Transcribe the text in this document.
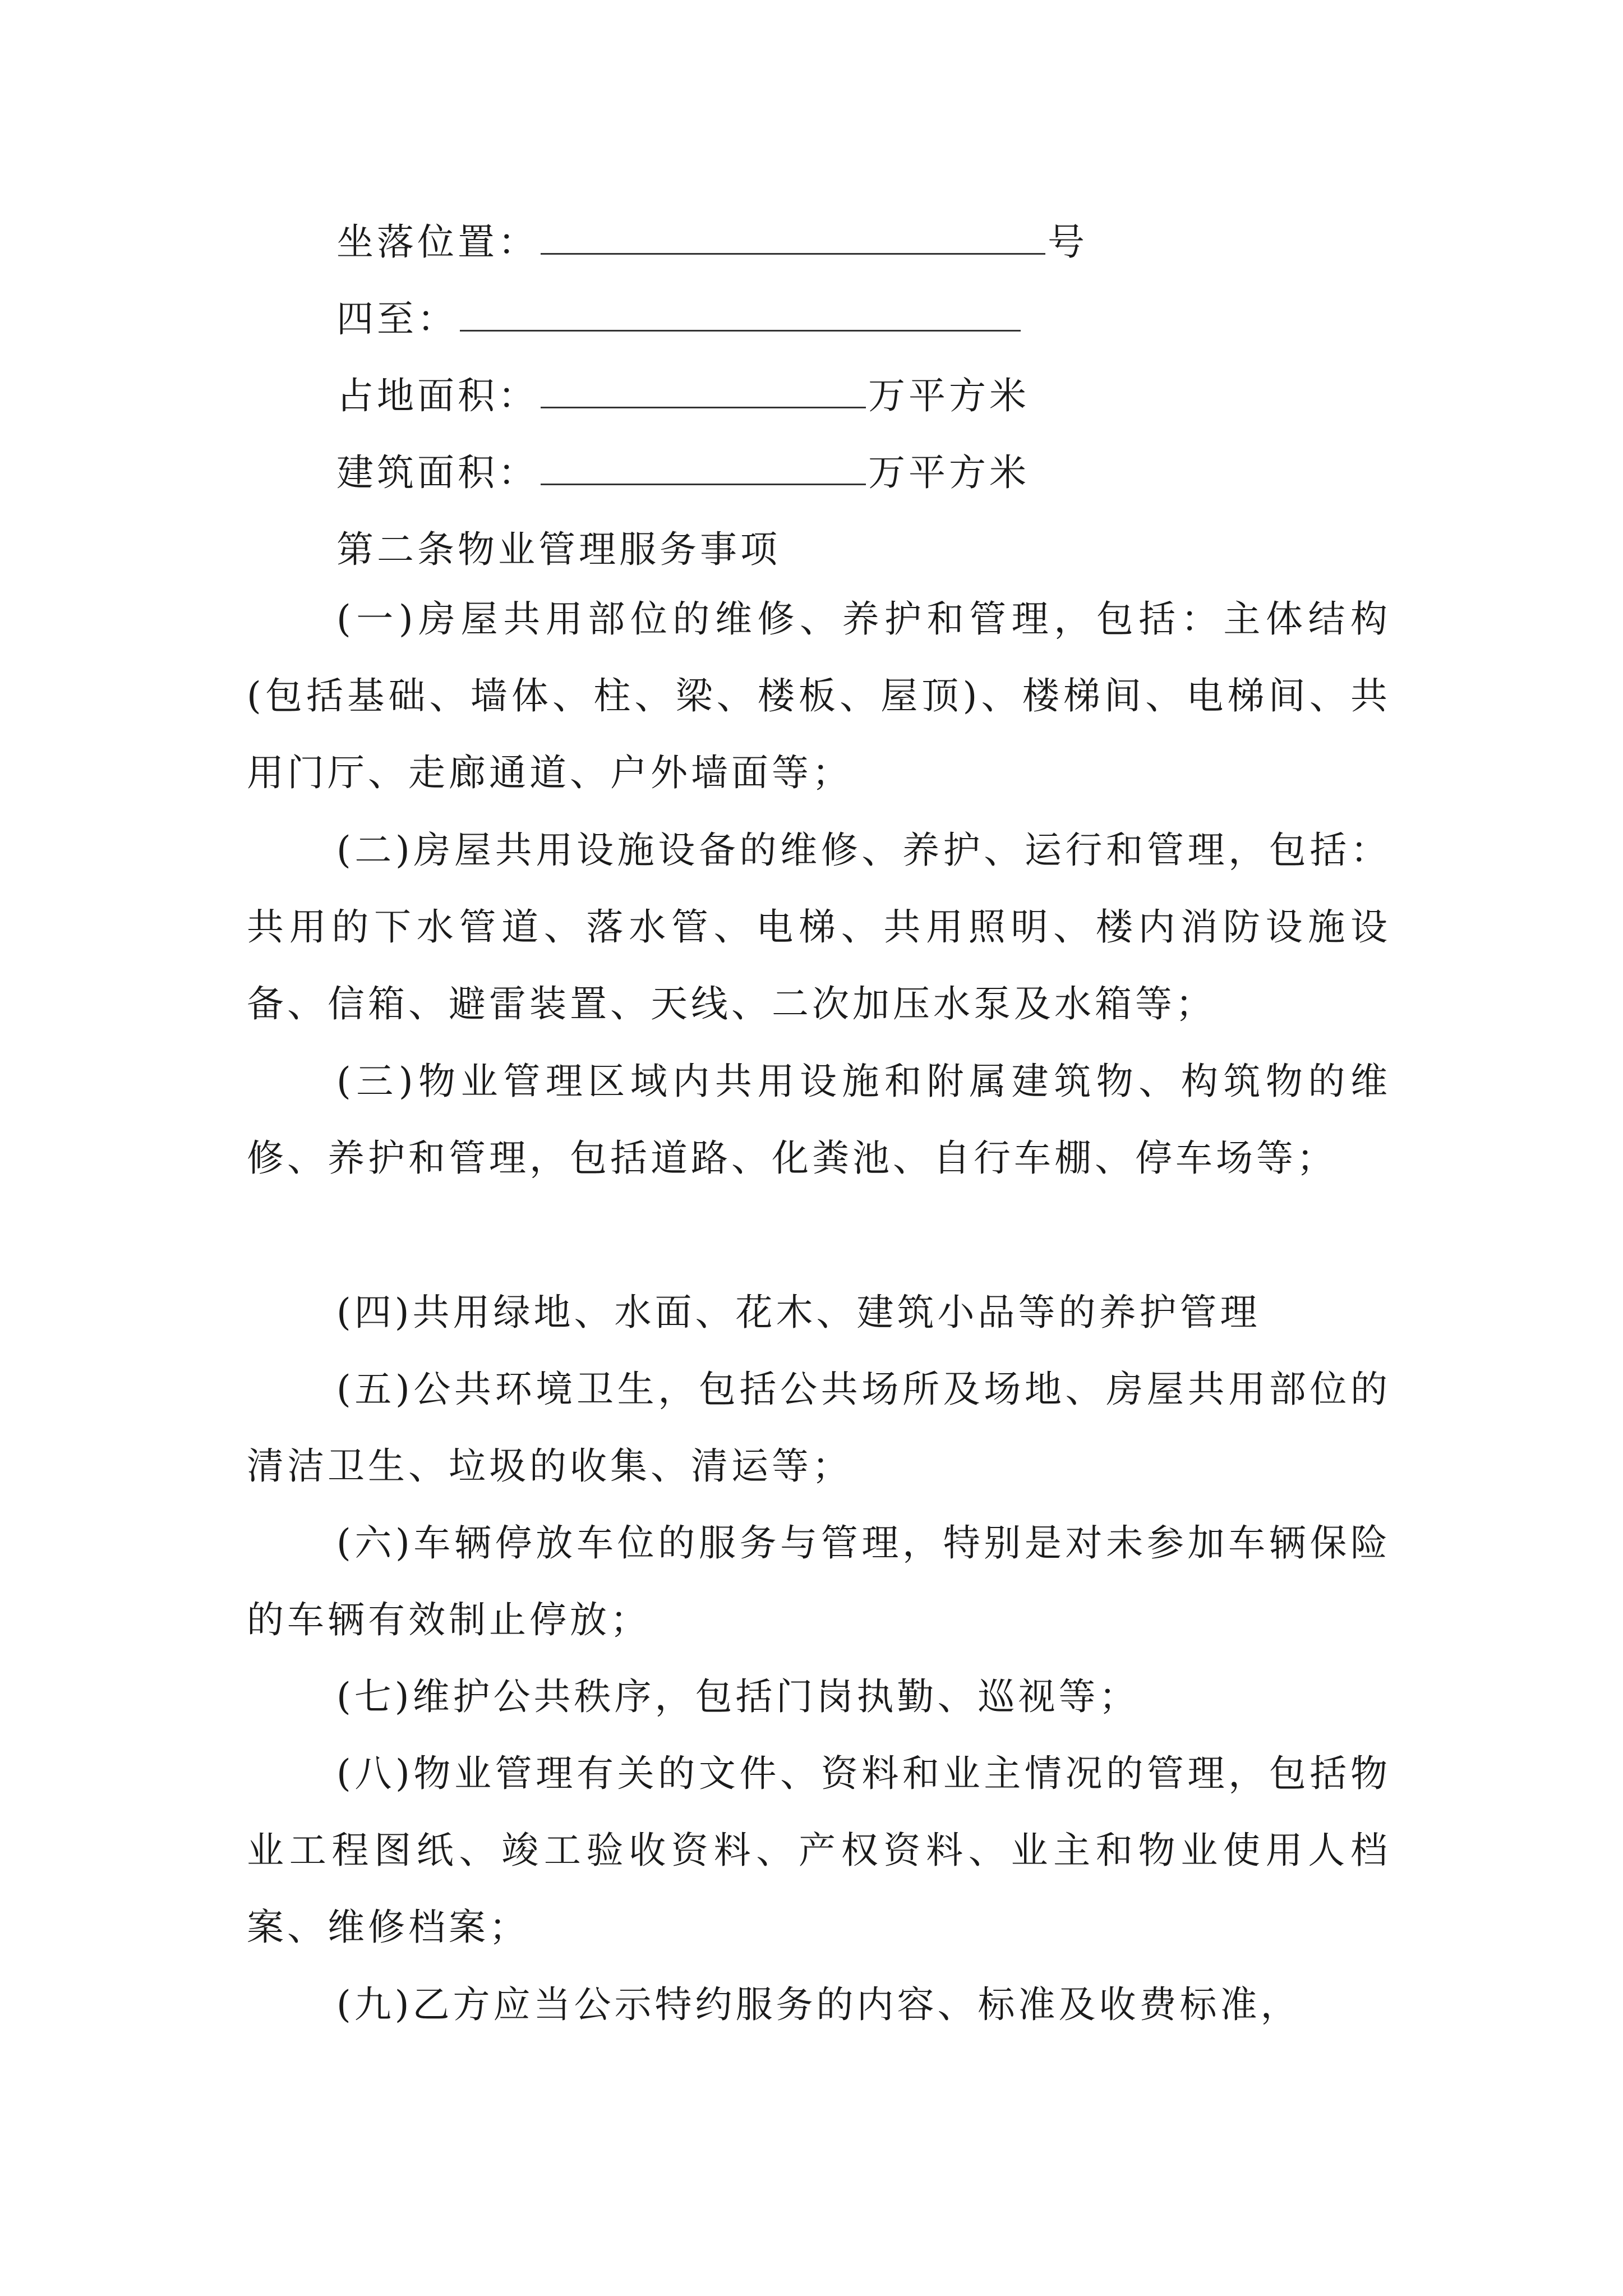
坐落位置：	号
四至：
占地面积：	万平方米
建筑面积：	万平方米
第二条物业管理服务事项

(一)房屋共用部位的维修、养护和管理，包括：主体结构(包括基础、墙体、柱、梁、楼板、屋顶)、楼梯间、电梯间、共用门厅、走廊通道、户外墙面等；

(二)房屋共用设施设备的维修、养护、运行和管理，包括：共用的下水管道、落水管、电梯、共用照明、楼内消防设施设备、信箱、避雷装置、天线、二次加压水泵及水箱等；

(三)物业管理区域内共用设施和附属建筑物、构筑物的维修、养护和管理，包括道路、化粪池、自行车棚、停车场等；

(四)共用绿地、水面、花木、建筑小品等的养护管理

(五)公共环境卫生，包括公共场所及场地、房屋共用部位的清洁卫生、垃圾的收集、清运等；

(六)车辆停放车位的服务与管理，特别是对未参加车辆保险的车辆有效制止停放；

(七)维护公共秩序，包括门岗执勤、巡视等；

(八)物业管理有关的文件、资料和业主情况的管理，包括物业工程图纸、竣工验收资料、产权资料、业主和物业使用人档案、维修档案；

(九)乙方应当公示特约服务的内容、标准及收费标准，
